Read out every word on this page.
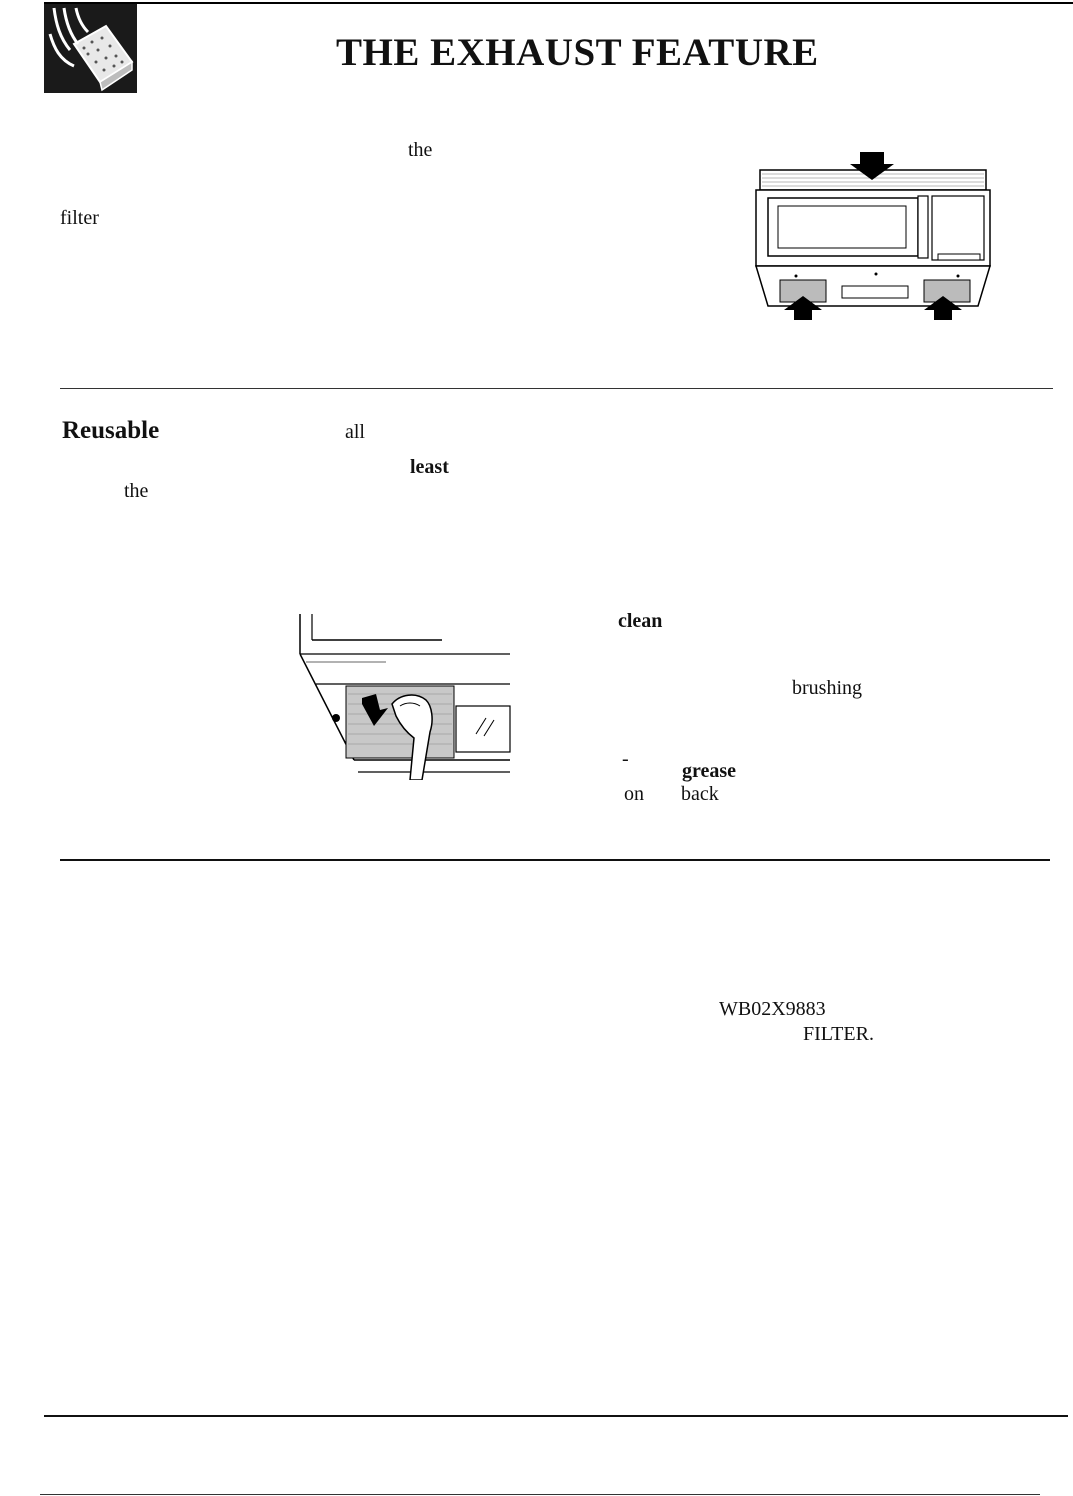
THE EXHAUST FEATURE
the
filter
Reusable	all
least
the
clean
brushing
-
grease
on back
WB02X9883
FILTER.
